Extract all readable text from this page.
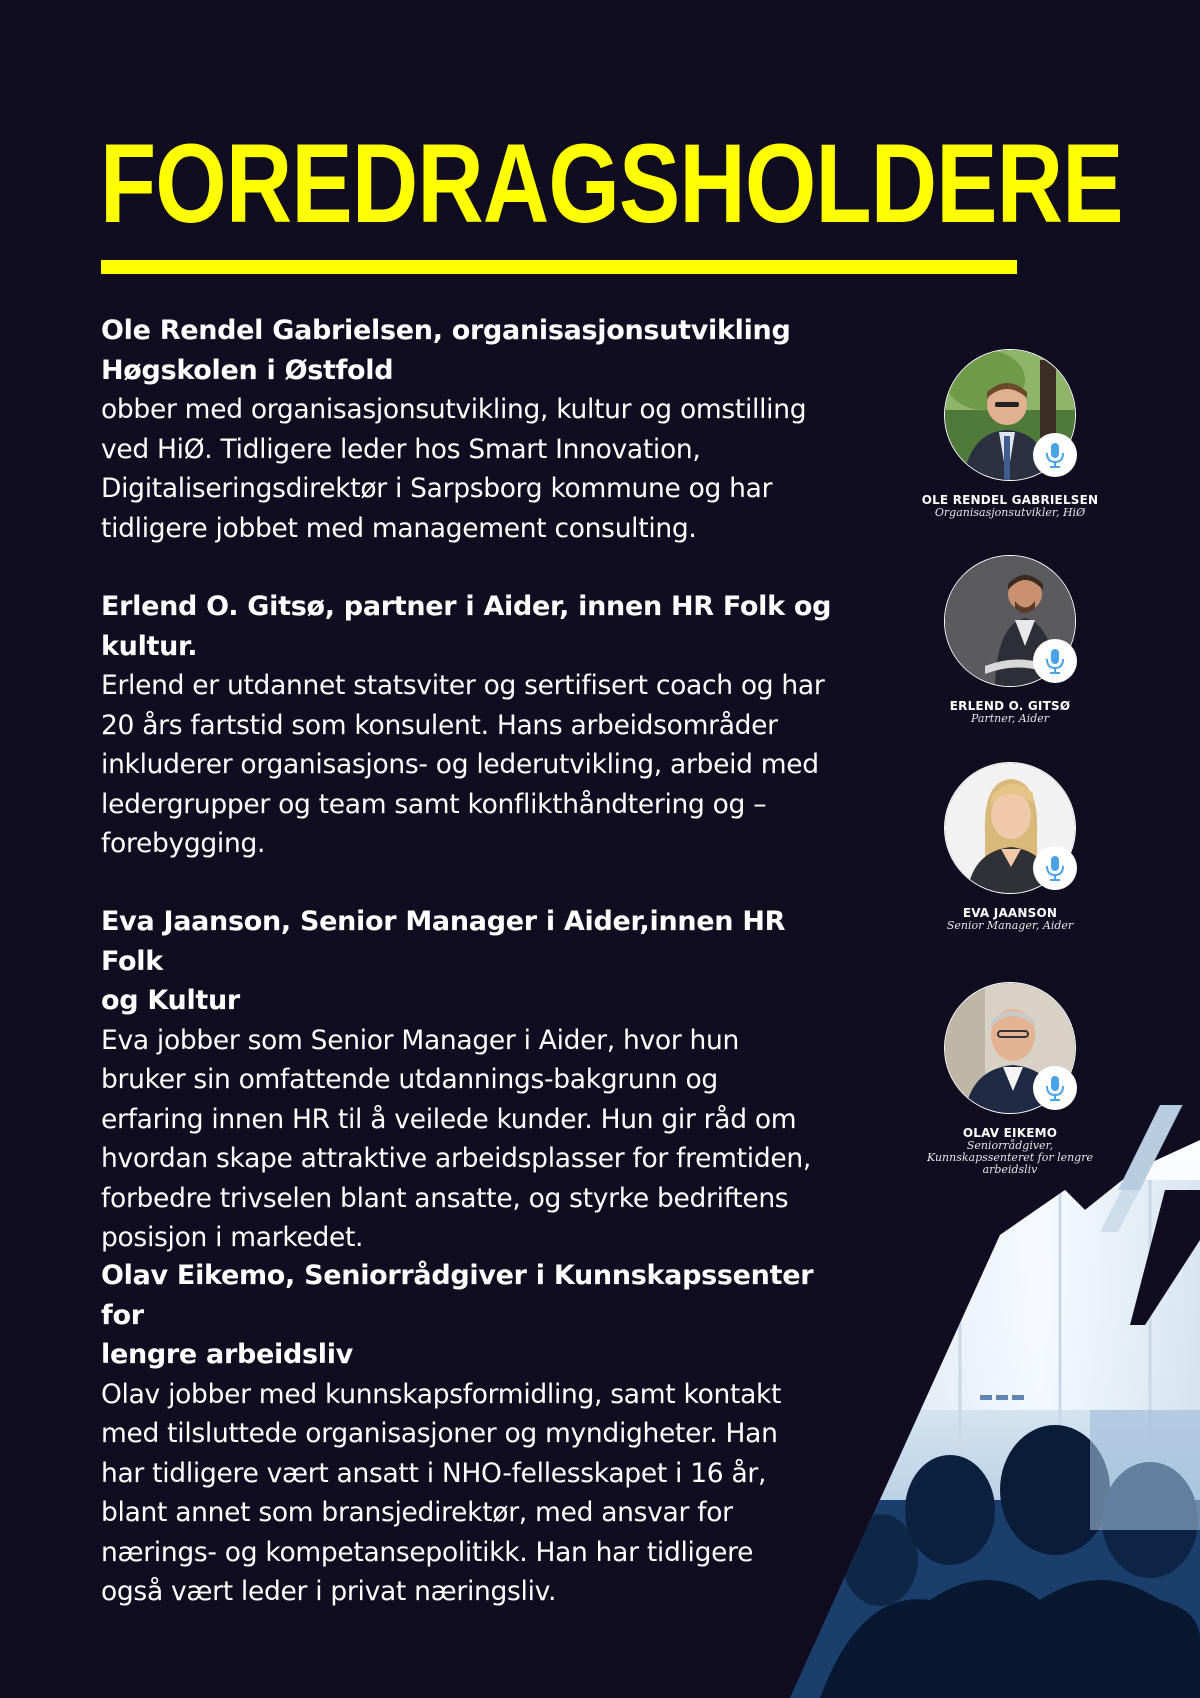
FOREDRAGSHOLDERE

Ole Rendel Gabrielsen, organisasjonsutvikling
Høgskolen i Østfold

obber med organisasjonsutvikling, kultur og omstilling
ved HiØ. Tidligere leder hos Smart Innovation,
Digitaliseringsdirektør i Sarpsborg kommune og har
tidligere jobbet med management consulting.

Erlend O. Gitsø, partner i Aider, innen HR Folk og
kultur.

Erlend er utdannet statsviter og sertifisert coach og har
20 års fartstid som konsulent. Hans arbeidsområder
inkluderer organisasjons- og lederutvikling, arbeid med
ledergrupper og team samt konflikthåndtering og –
forebygging.

Eva Jaanson, Senior Manager i Aider,innen HR Folk
og Kultur

Eva jobber som Senior Manager i Aider, hvor hun
bruker sin omfattende utdannings-bakgrunn og
erfaring innen HR til å veilede kunder. Hun gir råd om
hvordan skape attraktive arbeidsplasser for fremtiden,
forbedre trivselen blant ansatte, og styrke bedriftens
posisjon i markedet.

Olav Eikemo, Seniorrådgiver i Kunnskapssenter for
lengre arbeidsliv

Olav jobber med kunnskapsformidling, samt kontakt
med tilsluttede organisasjoner og myndigheter. Han
har tidligere vært ansatt i NHO-fellesskapet i 16 år,
blant annet som bransjedirektør, med ansvar for
nærings- og kompetansepolitikk. Han har tidligere
også vært leder i privat næringsliv.

OLE RENDEL GABRIELSEN
Organisasjonsutvikler, HiØ
ERLEND O. GITSØ
Partner, Aider
EVA JAANSON
Senior Manager, Aider
OLAV EIKEMO
Seniorrådgiver,
Kunnskapssenteret for lengre
arbeidsliv
